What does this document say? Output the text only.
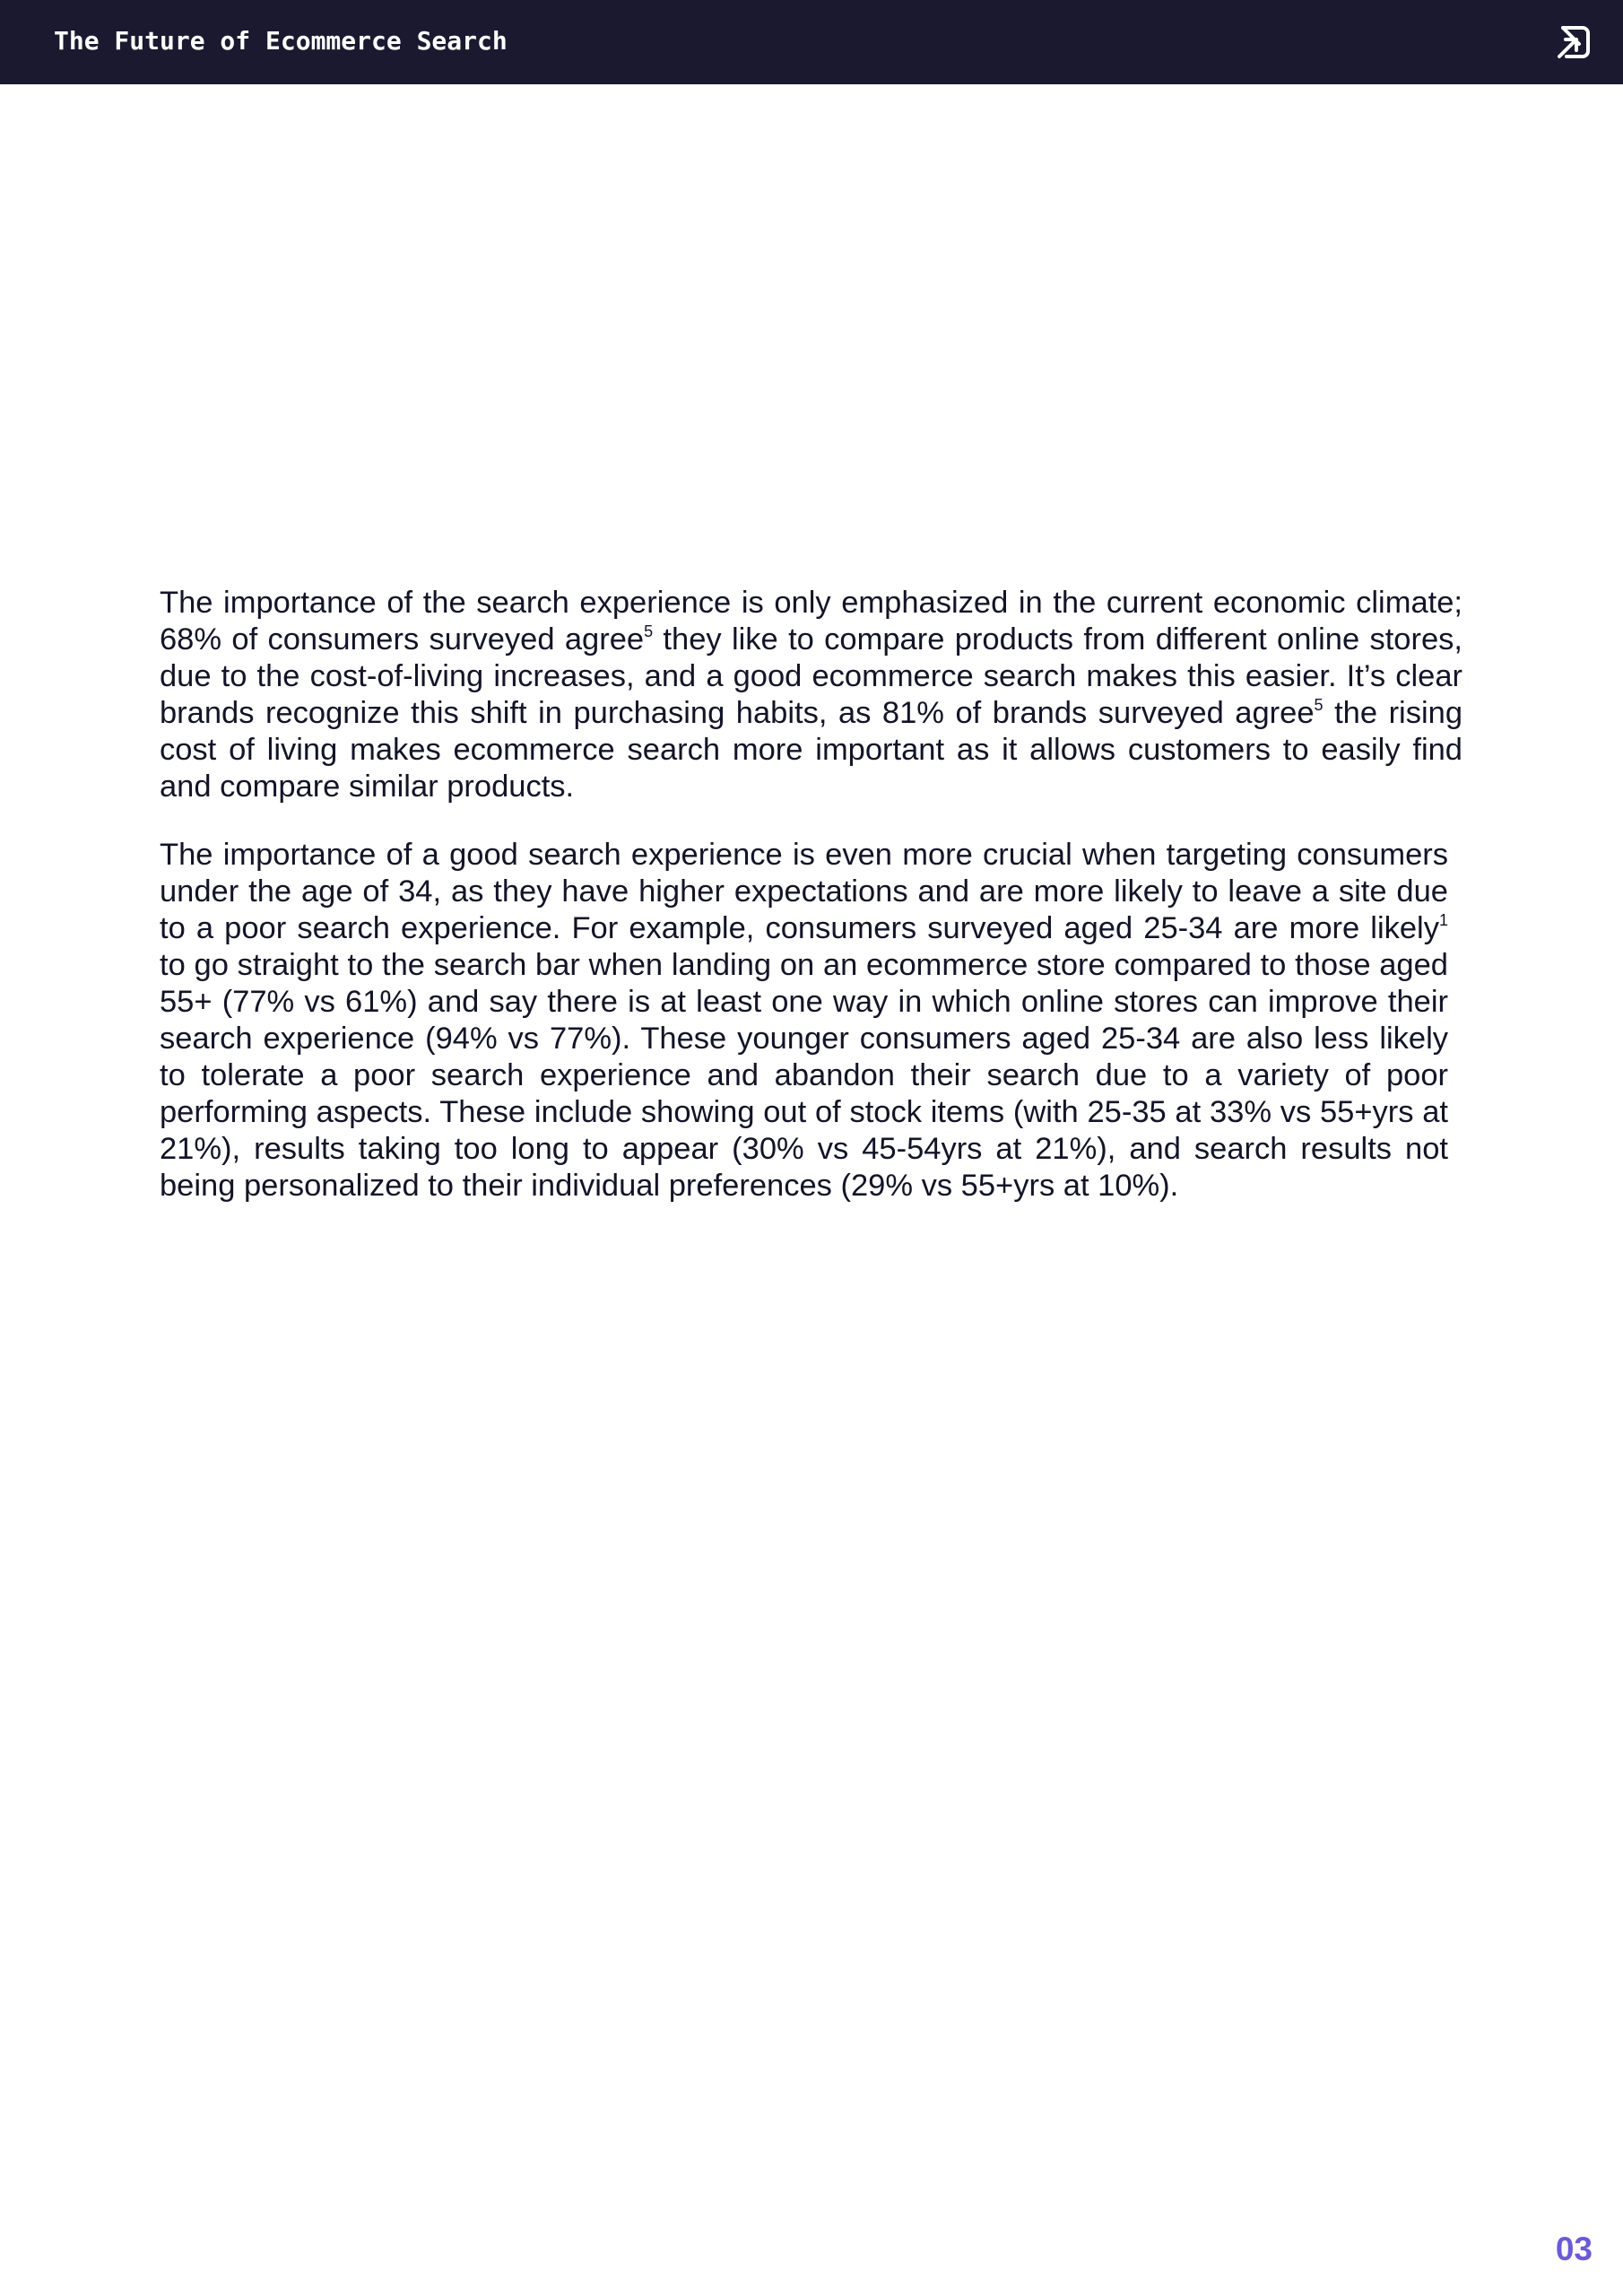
The Future of Ecommerce Search

The importance of the search experience is only emphasized in the current economic climate; 68% of consumers surveyed agree$^5$ they like to compare products from different online stores, due to the cost-of-living increases, and a good ecommerce search makes this easier. It’s clear brands recognize this shift in purchasing habits, as 81% of brands surveyed agree$^5$ the rising cost of living makes ecommerce search more important as it allows customers to easily find and compare similar products.

The importance of a good search experience is even more crucial when targeting consumers under the age of 34, as they have higher expectations and are more likely to leave a site due to a poor search experience. For example, consumers surveyed aged 25-34 are more likely$^1$ to go straight to the search bar when landing on an ecommerce store compared to those aged 55+ (77% vs 61%) and say there is at least one way in which online stores can improve their search experience (94% vs 77%). These younger consumers aged 25-34 are also less likely to tolerate a poor search experience and abandon their search due to a variety of poor performing aspects. These include showing out of stock items (with 25-35 at 33% vs 55+yrs at 21%), results taking too long to appear (30% vs 45-54yrs at 21%), and search results not being personalized to their individual preferences (29% vs 55+yrs at 10%).

03
